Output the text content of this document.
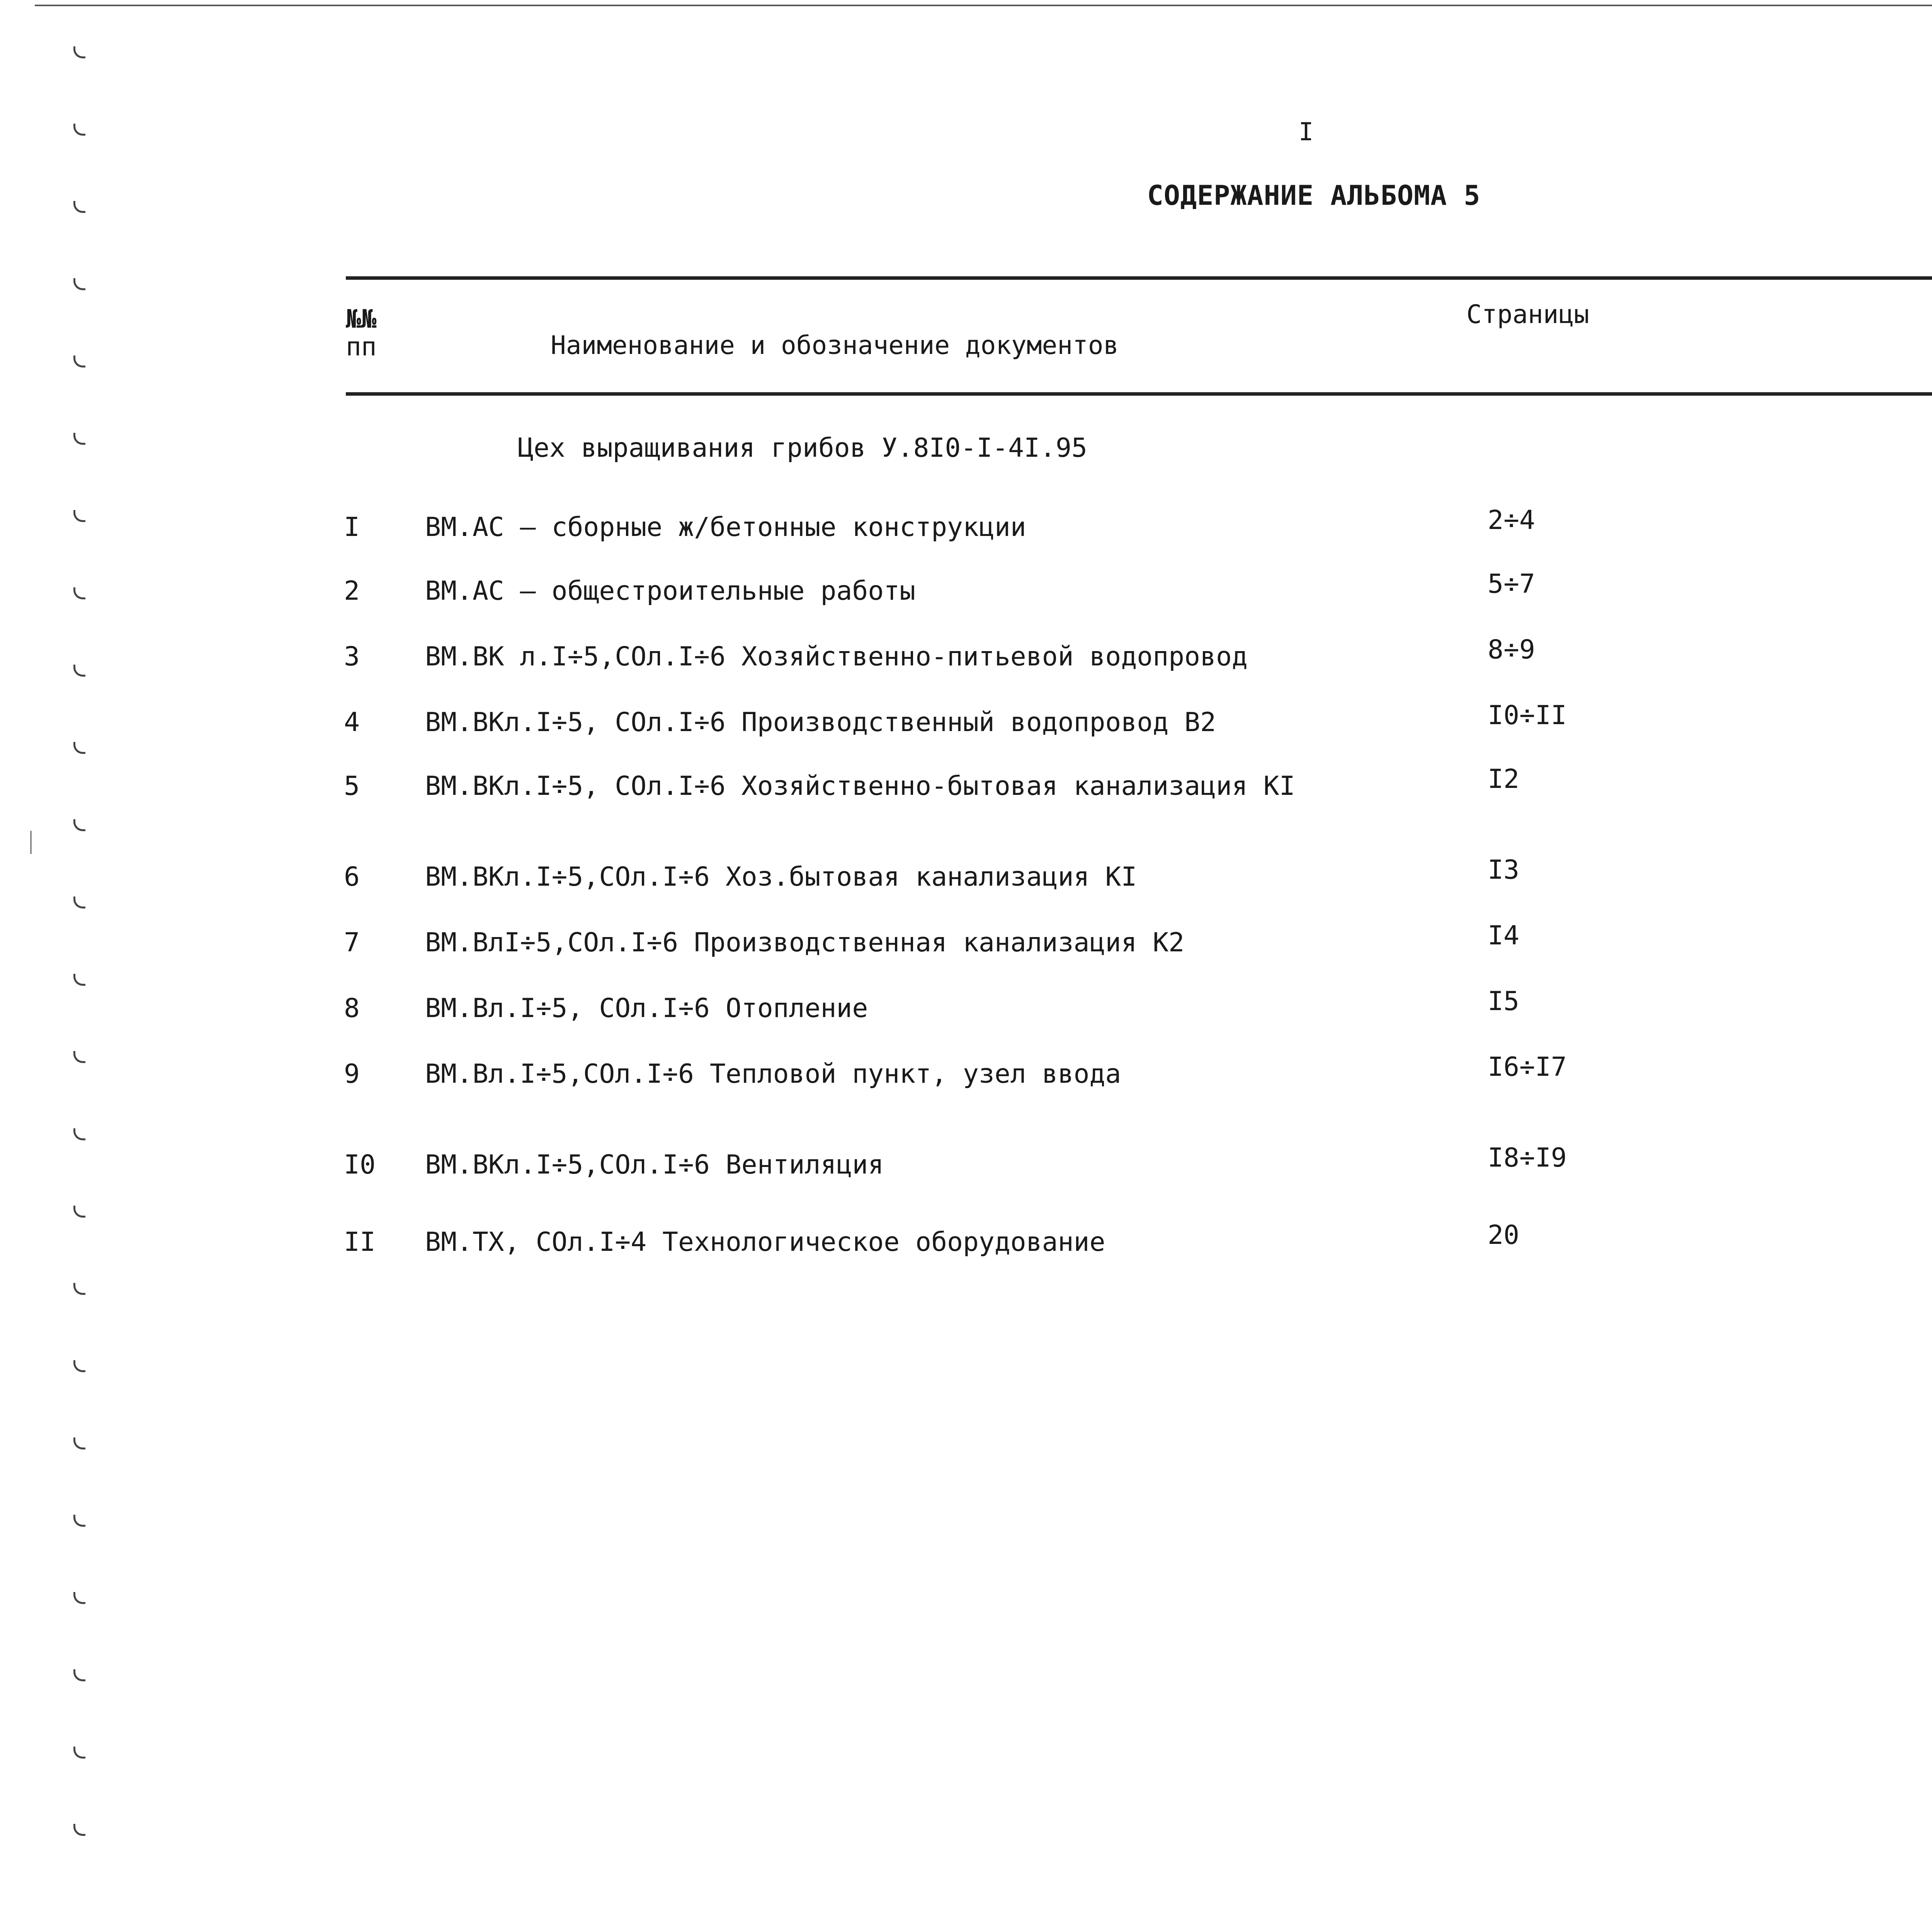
I
СОДЕРЖАНИЕ АЛЬБОМА 5
№№
пп	Наименование и обозначение документов
Страницы
Цех выращивания грибов У.8I0-I-4I.95
I ВМ.АС – сборные ж/бетонные конструкции	2÷4
2 ВМ.АС – общестроительные работы	5÷7
3 ВМ.ВК л.I÷5,СОл.I÷6 Хозяйственно-питьевой водопровод	8÷9
4 ВМ.ВКл.I÷5, СОл.I÷6 Производственный водопровод В2	I0÷II
5 ВМ.ВКл.I÷5, СОл.I÷6 Хозяйственно-бытовая канализация КI	I2
6 ВМ.ВКл.I÷5,СОл.I÷6 Хоз.бытовая канализация КI	I3
7 ВМ.ВлI÷5,СОл.I÷6 Производственная канализация К2	I4
8 ВМ.Вл.I÷5, СОл.I÷6 Отопление	I5
9 ВМ.Вл.I÷5,СОл.I÷6 Тепловой пункт, узел ввода	I6÷I7
I0 ВМ.ВКл.I÷5,СОл.I÷6 Вентиляция	I8÷I9
II ВМ.ТХ, СОл.I÷4 Технологическое оборудование	20
